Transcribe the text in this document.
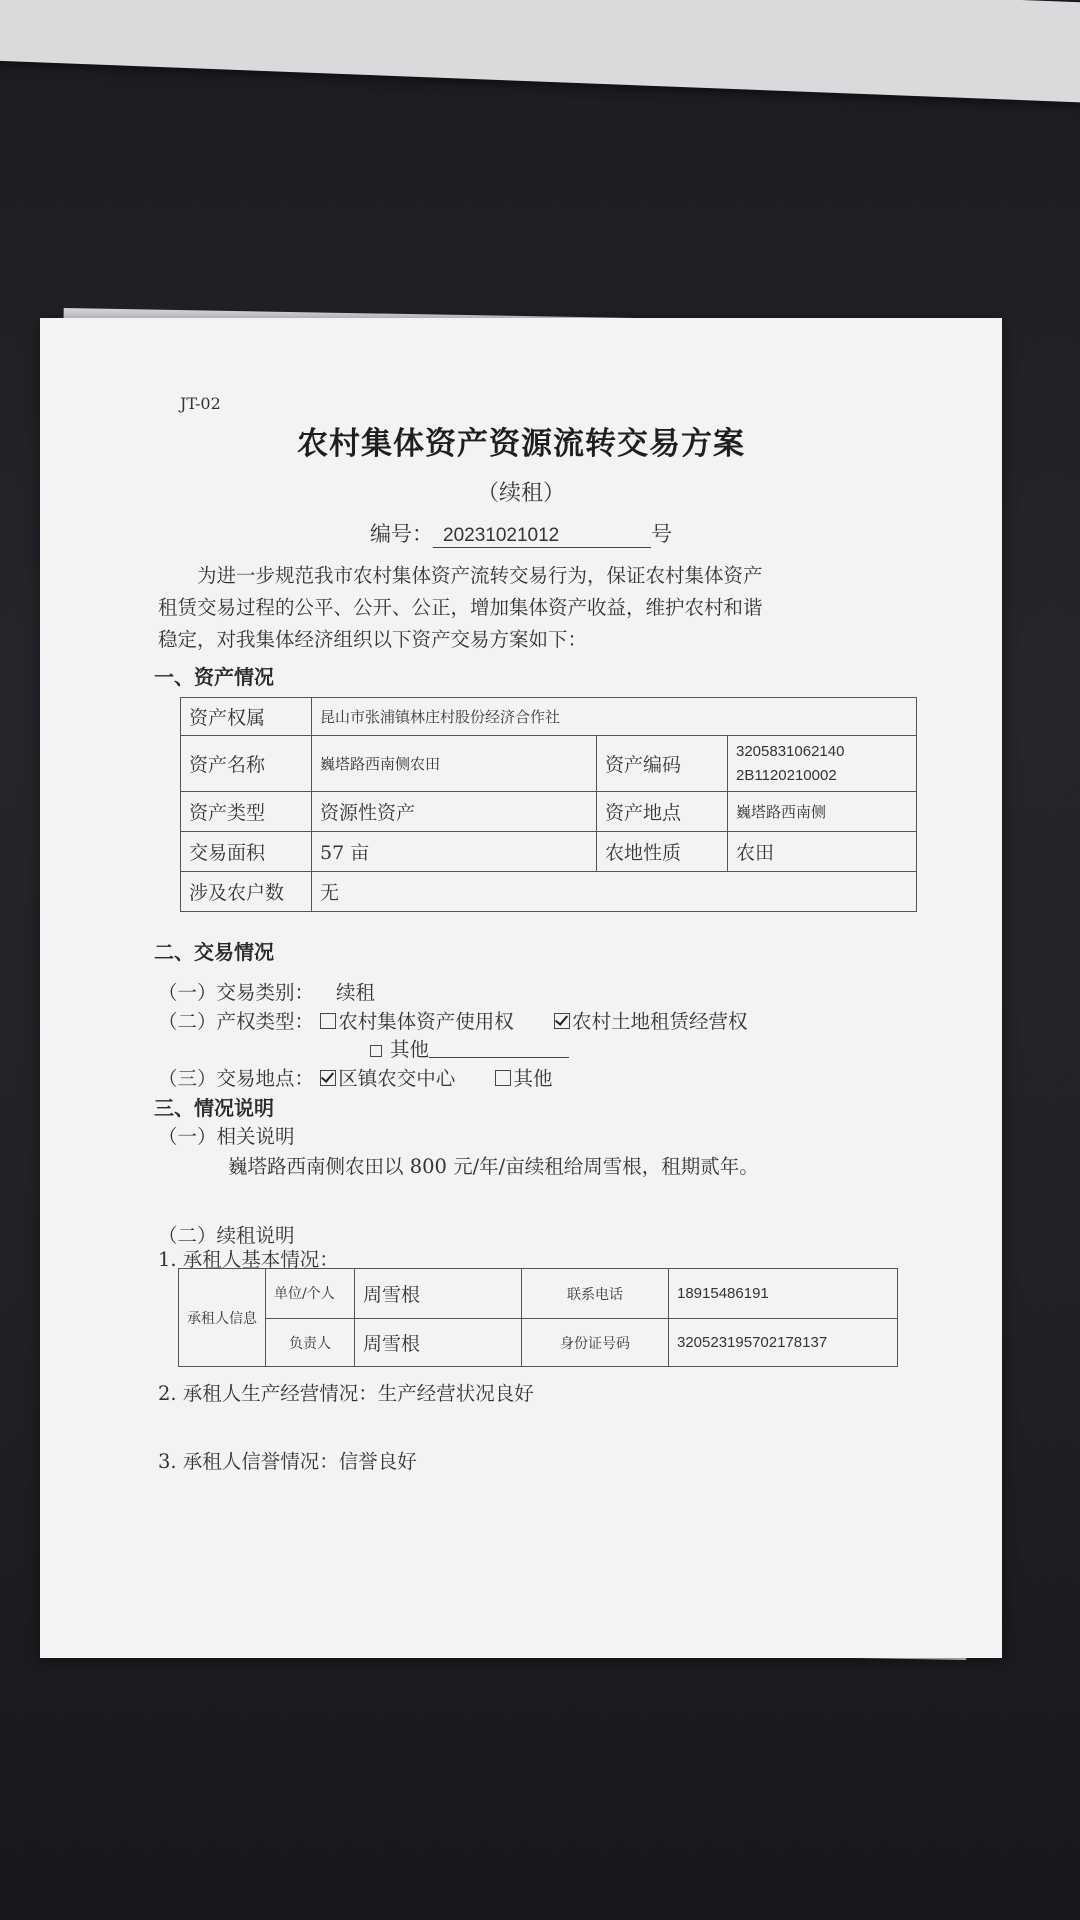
JT-02
农村集体资产资源流转交易方案
（续租）
编号： 20231021012	号

为进一步规范我市农村集体资产流转交易行为，保证农村集体资产

租赁交易过程的公平、公开、公正，增加集体资产收益，维护农村和谐

稳定，对我集体经济组织以下资产交易方案如下：

一、资产情况
资产权属	昆山市张浦镇林庄村股份经济合作社		
资产名称	巍塔路西南侧农田	资产编码	3205831062140
2B1120210002

资产类型	资源性资产	资产地点	巍塔路西南侧
交易面积	57 亩	农地性质	农田
涉及农户数	无		
二、交易情况
（一）交易类别： 续租
（二）产权类型： 农村集体资产使用权	农村土地租赁经营权
其他
（三）交易地点： 区镇农交中心	其他
三、情况说明
（一）相关说明
巍塔路西南侧农田以 800 元/年/亩续租给周雪根，租期贰年。
（二）续租说明
1. 承租人基本情况：
承租人信息	单位/个人	周雪根	联系电话	18915486191
	负责人	周雪根	身份证号码	320523195702178137
2. 承租人生产经营情况：生产经营状况良好
3. 承租人信誉情况：信誉良好
